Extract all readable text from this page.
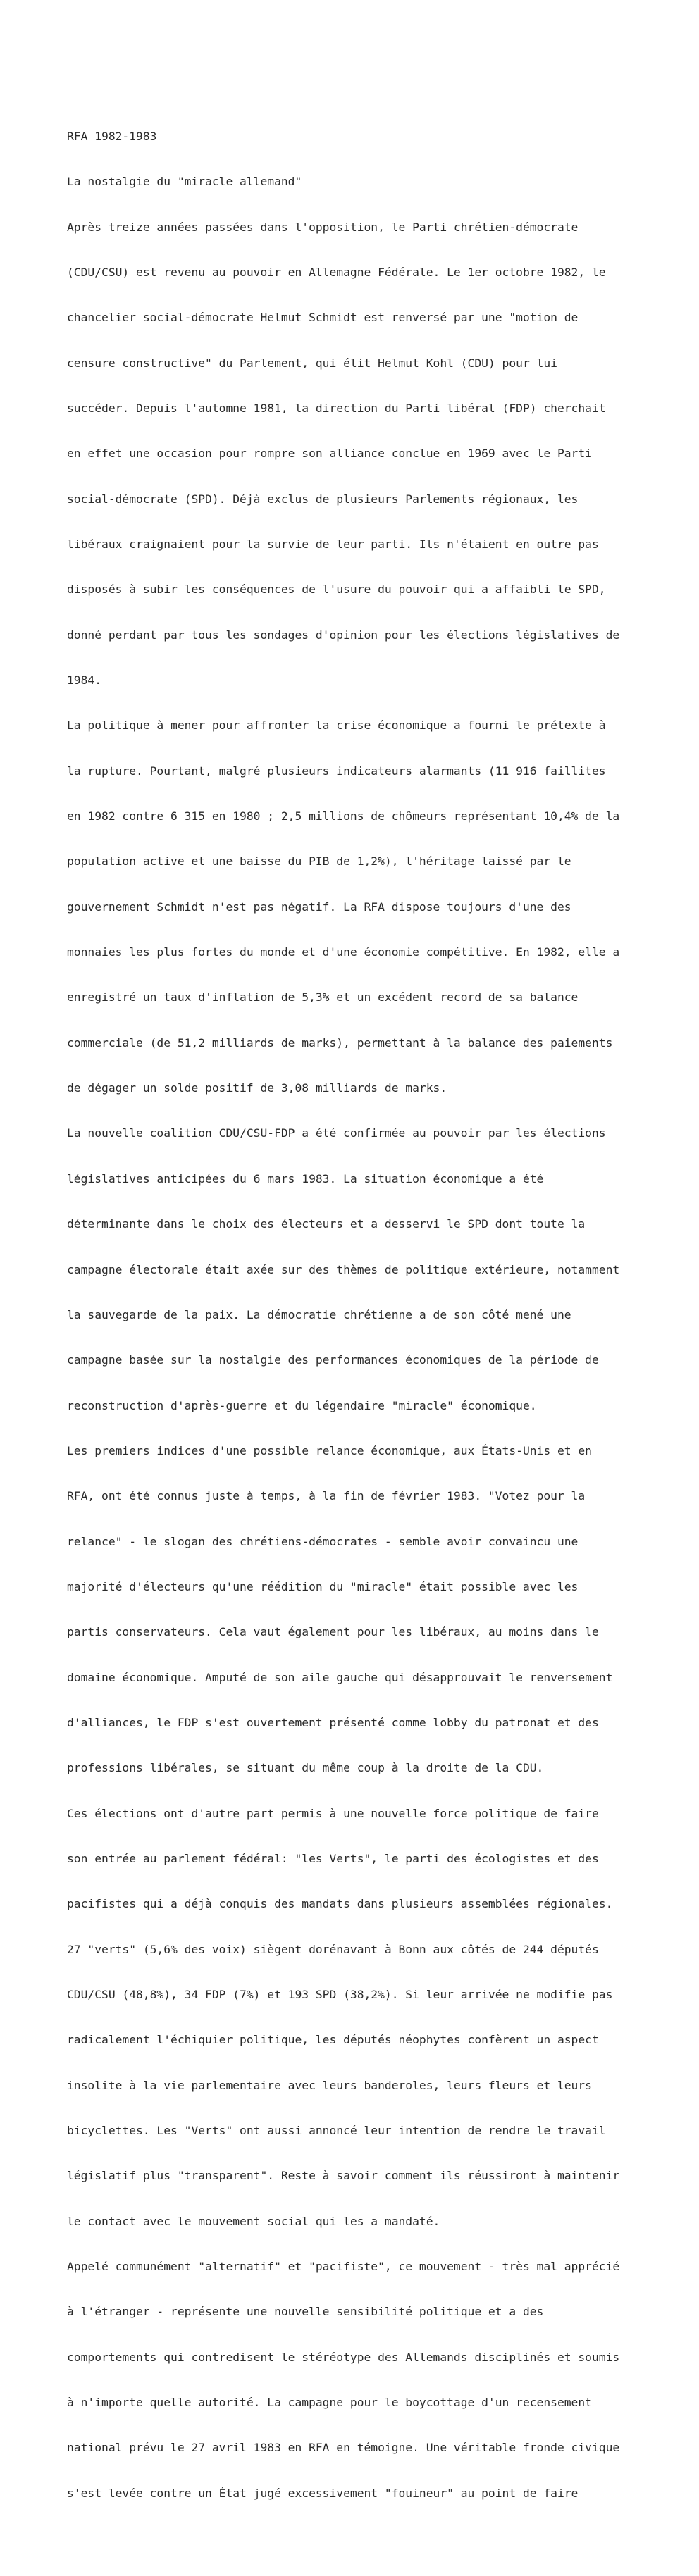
RFA 1982-1983

La nostalgie du "miracle allemand"

Après treize années passées dans l'opposition, le Parti chrétien-démocrate

(CDU/CSU) est revenu au pouvoir en Allemagne Fédérale. Le 1er octobre 1982, le

chancelier social-démocrate Helmut Schmidt est renversé par une "motion de

censure constructive" du Parlement, qui élit Helmut Kohl (CDU) pour lui

succéder. Depuis l'automne 1981, la direction du Parti libéral (FDP) cherchait

en effet une occasion pour rompre son alliance conclue en 1969 avec le Parti

social-démocrate (SPD). Déjà exclus de plusieurs Parlements régionaux, les

libéraux craignaient pour la survie de leur parti. Ils n'étaient en outre pas

disposés à subir les conséquences de l'usure du pouvoir qui a affaibli le SPD,

donné perdant par tous les sondages d'opinion pour les élections législatives de

1984.

La politique à mener pour affronter la crise économique a fourni le prétexte à

la rupture. Pourtant, malgré plusieurs indicateurs alarmants (11 916 faillites

en 1982 contre 6 315 en 1980 ; 2,5 millions de chômeurs représentant 10,4% de la

population active et une baisse du PIB de 1,2%), l'héritage laissé par le

gouvernement Schmidt n'est pas négatif. La RFA dispose toujours d'une des

monnaies les plus fortes du monde et d'une économie compétitive. En 1982, elle a

enregistré un taux d'inflation de 5,3% et un excédent record de sa balance

commerciale (de 51,2 milliards de marks), permettant à la balance des paiements

de dégager un solde positif de 3,08 milliards de marks.

La nouvelle coalition CDU/CSU-FDP a été confirmée au pouvoir par les élections

législatives anticipées du 6 mars 1983. La situation économique a été

déterminante dans le choix des électeurs et a desservi le SPD dont toute la

campagne électorale était axée sur des thèmes de politique extérieure, notamment

la sauvegarde de la paix. La démocratie chrétienne a de son côté mené une

campagne basée sur la nostalgie des performances économiques de la période de

reconstruction d'après-guerre et du légendaire "miracle" économique.

Les premiers indices d'une possible relance économique, aux États-Unis et en

RFA, ont été connus juste à temps, à la fin de février 1983. "Votez pour la

relance" - le slogan des chrétiens-démocrates - semble avoir convaincu une

majorité d'électeurs qu'une réédition du "miracle" était possible avec les

partis conservateurs. Cela vaut également pour les libéraux, au moins dans le

domaine économique. Amputé de son aile gauche qui désapprouvait le renversement

d'alliances, le FDP s'est ouvertement présenté comme lobby du patronat et des

professions libérales, se situant du même coup à la droite de la CDU.

Ces élections ont d'autre part permis à une nouvelle force politique de faire

son entrée au parlement fédéral: "les Verts", le parti des écologistes et des

pacifistes qui a déjà conquis des mandats dans plusieurs assemblées régionales.

27 "verts" (5,6% des voix) siègent dorénavant à Bonn aux côtés de 244 députés

CDU/CSU (48,8%), 34 FDP (7%) et 193 SPD (38,2%). Si leur arrivée ne modifie pas

radicalement l'échiquier politique, les députés néophytes confèrent un aspect

insolite à la vie parlementaire avec leurs banderoles, leurs fleurs et leurs

bicyclettes. Les "Verts" ont aussi annoncé leur intention de rendre le travail

législatif plus "transparent". Reste à savoir comment ils réussiront à maintenir

le contact avec le mouvement social qui les a mandaté.

Appelé communément "alternatif" et "pacifiste", ce mouvement - très mal apprécié

à l'étranger - représente une nouvelle sensibilité politique et a des

comportements qui contredisent le stéréotype des Allemands disciplinés et soumis

à n'importe quelle autorité. La campagne pour le boycottage d'un recensement

national prévu le 27 avril 1983 en RFA en témoigne. Une véritable fronde civique

s'est levée contre un État jugé excessivement "fouineur" au point de faire
